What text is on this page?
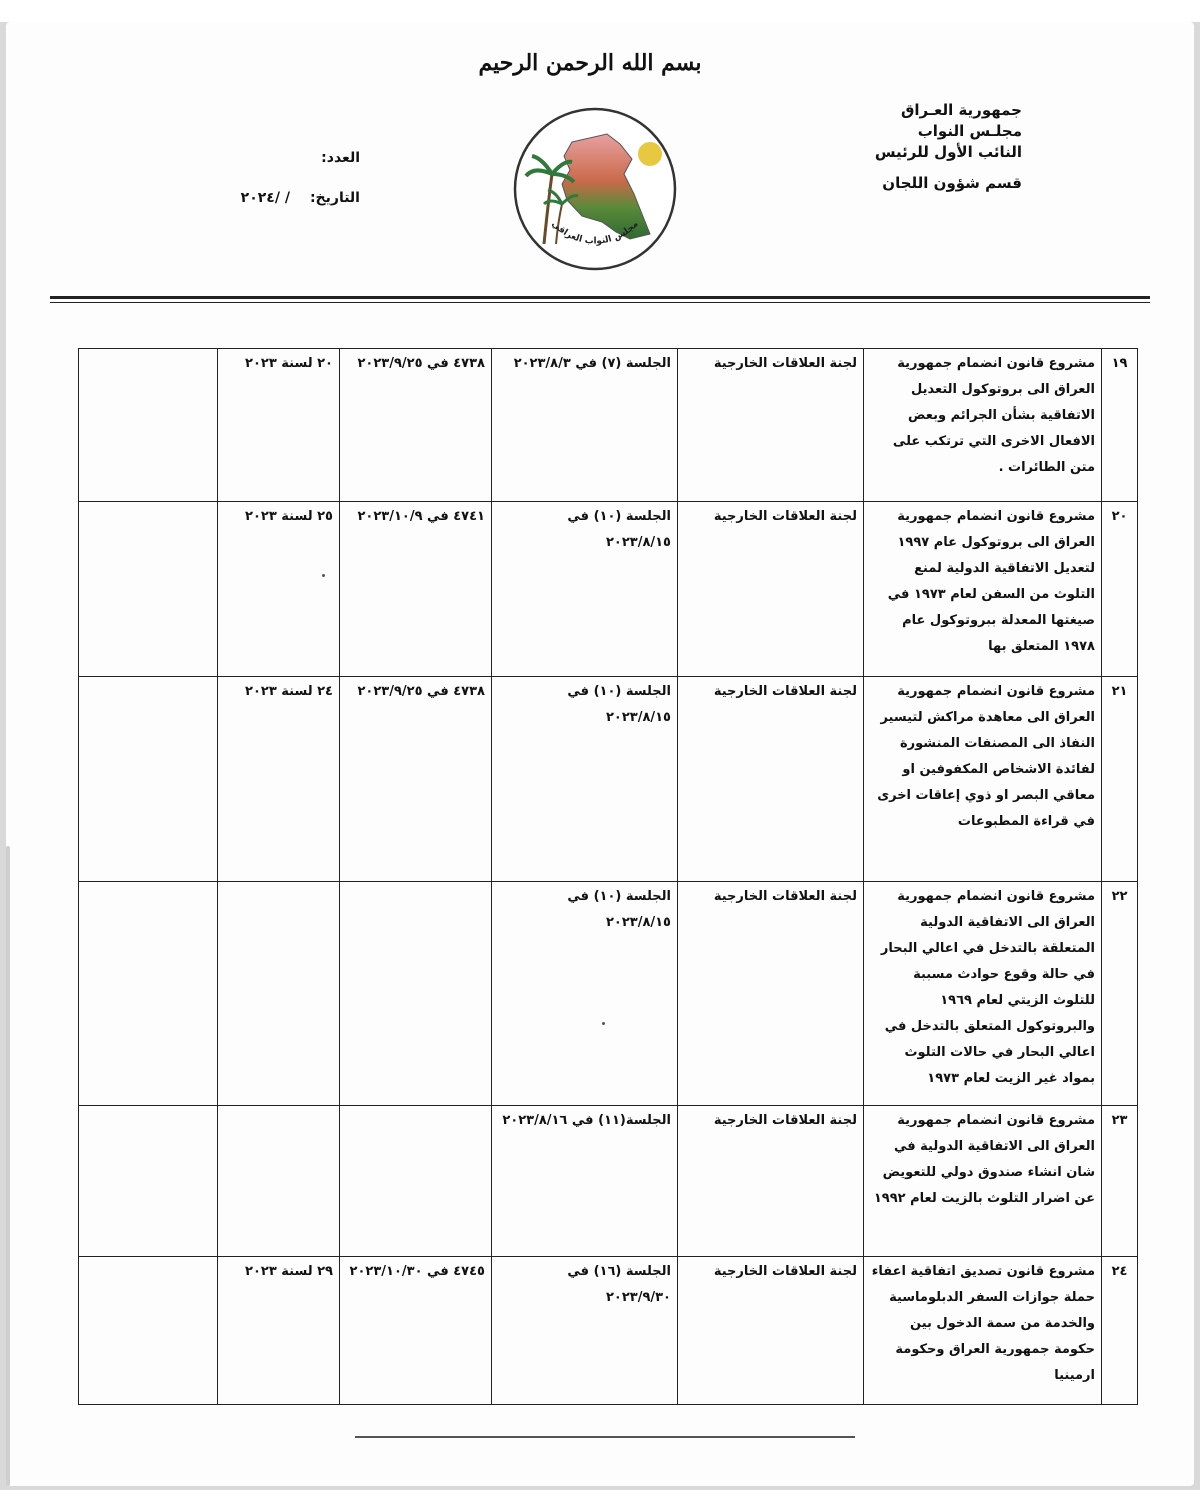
بسم الله الرحمن الرحيم
جمهورية العـراق
مجلـس النواب
النائب الأول للرئيس
قسم شؤون اللجان
العدد:
التاريخ:/ /٢٠٢٤
مجلس النواب العراقي
١٩	مشروع قانون انضمام جمهورية العراق الى بروتوكول التعديل الاتفاقية بشأن الجرائم وبعض الافعال الاخرى التي ترتكب على متن الطائرات .	لجنة العلاقات الخارجية	الجلسة (٧) في ٢٠٢٣/٨/٣	٤٧٣٨ في ٢٠٢٣/٩/٢٥	٢٠ لسنة ٢٠٢٣	
٢٠	مشروع قانون انضمام جمهورية العراق الى بروتوكول عام ١٩٩٧ لتعديل الاتفاقية الدولية لمنع التلوث من السفن لعام ١٩٧٣ في صيغتها المعدلة ببروتوكول عام ١٩٧٨ المتعلق بها	لجنة العلاقات الخارجية	الجلسة (١٠) في ٢٠٢٣/٨/١٥	٤٧٤١ في ٢٠٢٣/١٠/٩	٢٥ لسنة ٢٠٢٣	
٢١	مشروع قانون انضمام جمهورية العراق الى معاهدة مراكش لتيسير النفاذ الى المصنفات المنشورة لفائدة الاشخاص المكفوفين او معاقي البصر او ذوي إعاقات اخرى في قراءة المطبوعات	لجنة العلاقات الخارجية	الجلسة (١٠) في ٢٠٢٣/٨/١٥	٤٧٣٨ في ٢٠٢٣/٩/٢٥	٢٤ لسنة ٢٠٢٣	
٢٢	مشروع قانون انضمام جمهورية العراق الى الاتفاقية الدولية المتعلقة بالتدخل في اعالي البحار في حالة وقوع حوادث مسببة للتلوث الزيتي لعام ١٩٦٩ والبروتوكول المتعلق بالتدخل في اعالي البحار في حالات التلوث بمواد غير الزيت لعام ١٩٧٣	لجنة العلاقات الخارجية	الجلسة (١٠) في ٢٠٢٣/٨/١٥			
٢٣	مشروع قانون انضمام جمهورية العراق الى الاتفاقية الدولية في شان انشاء صندوق دولي للتعويض عن اضرار التلوث بالزيت لعام ١٩٩٢	لجنة العلاقات الخارجية	الجلسة(١١) في ٢٠٢٣/٨/١٦			
٢٤	مشروع قانون تصديق اتفاقية اعفاء حملة جوازات السفر الدبلوماسية والخدمة من سمة الدخول بين حكومة جمهورية العراق وحكومة ارمينيا	لجنة العلاقات الخارجية	الجلسة (١٦) في ٢٠٢٣/٩/٣٠	٤٧٤٥ في ٢٠٢٣/١٠/٣٠	٢٩ لسنة ٢٠٢٣	
